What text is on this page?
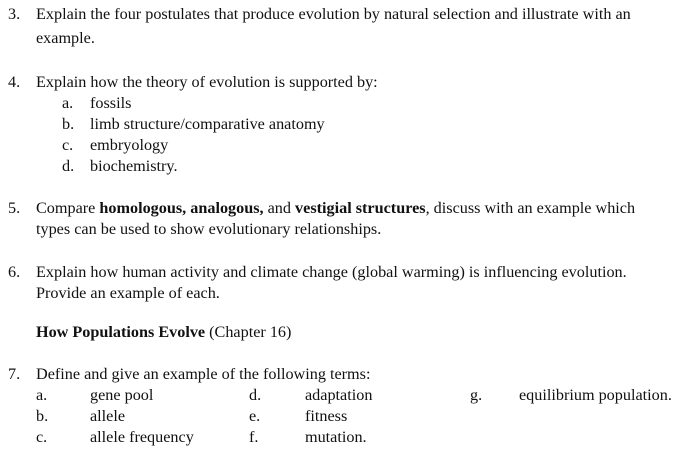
3. Explain the four postulates that produce evolution by natural selection and illustrate with an
example.
4. Explain how the theory of evolution is supported by:
a. fossils
b. limb structure/comparative anatomy
c. embryology
d. biochemistry.
5. Compare homologous, analogous, and vestigial structures, discuss with an example which
types can be used to show evolutionary relationships.
6. Explain how human activity and climate change (global warming) is influencing evolution.
Provide an example of each.
How Populations Evolve (Chapter 16)
7. Define and give an example of the following terms:
a.	gene pool
b.	allele
c.	allele frequency
d.	adaptation
e.	fitness
f.	mutation.
g. equilibrium population.
